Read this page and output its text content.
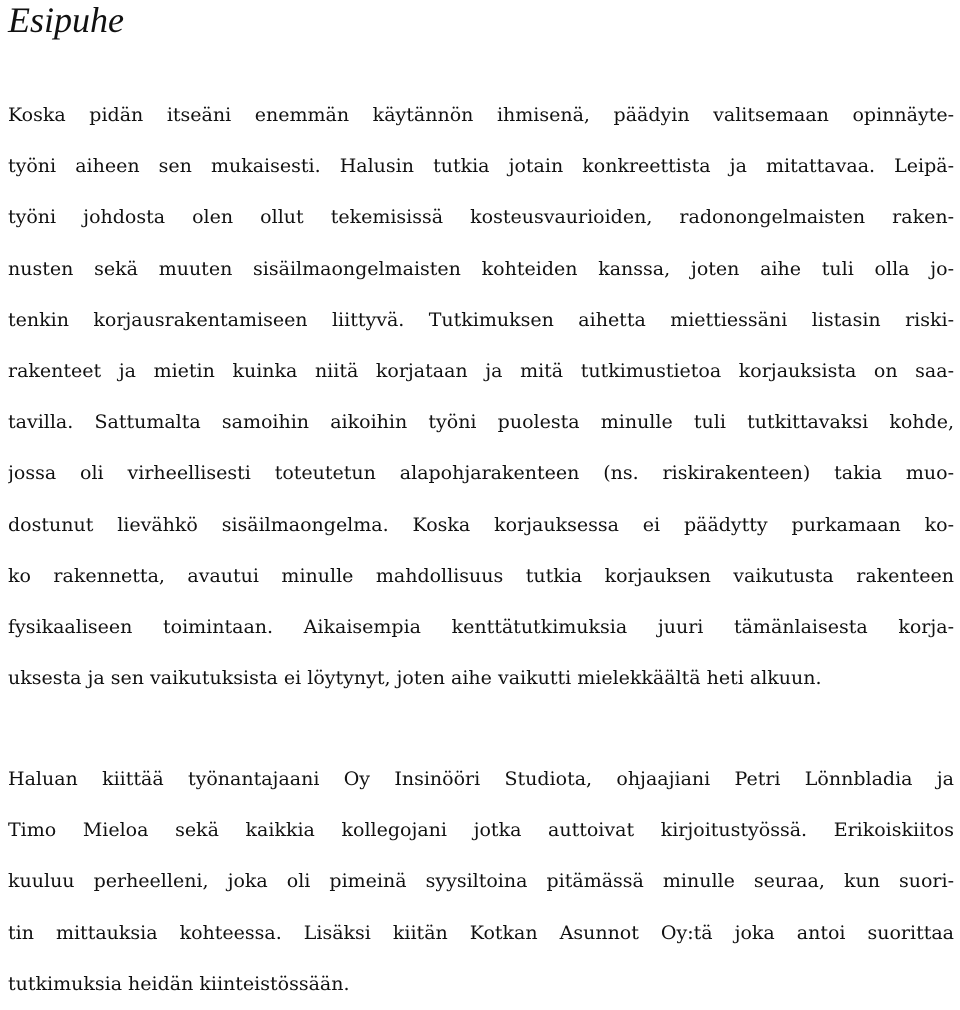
Esipuhe
Koska pidän itseäni enemmän käytännön ihmisenä, päädyin valitsemaan opinnäyte-
työni aiheen sen mukaisesti. Halusin tutkia jotain konkreettista ja mitattavaa. Leipä-
työni johdosta olen ollut tekemisissä kosteusvaurioiden, radonongelmaisten raken-
nusten sekä muuten sisäilmaongelmaisten kohteiden kanssa, joten aihe tuli olla jo-
tenkin korjausrakentamiseen liittyvä. Tutkimuksen aihetta miettiessäni listasin riski-
rakenteet ja mietin kuinka niitä korjataan ja mitä tutkimustietoa korjauksista on saa-
tavilla. Sattumalta samoihin aikoihin työni puolesta minulle tuli tutkittavaksi kohde,
jossa oli virheellisesti toteutetun alapohjarakenteen (ns. riskirakenteen) takia muo-
dostunut lievähkö sisäilmaongelma. Koska korjauksessa ei päädytty purkamaan ko-
ko rakennetta, avautui minulle mahdollisuus tutkia korjauksen vaikutusta rakenteen
fysikaaliseen toimintaan. Aikaisempia kenttätutkimuksia juuri tämänlaisesta korja-
uksesta ja sen vaikutuksista ei löytynyt, joten aihe vaikutti mielekkäältä heti alkuun.
Haluan kiittää työnantajaani Oy Insinööri Studiota, ohjaajiani Petri Lönnbladia ja
Timo Mieloa sekä kaikkia kollegojani jotka auttoivat kirjoitustyössä. Erikoiskiitos
kuuluu perheelleni, joka oli pimeinä syysiltoina pitämässä minulle seuraa, kun suori-
tin mittauksia kohteessa. Lisäksi kiitän Kotkan Asunnot Oy:tä joka antoi suorittaa
tutkimuksia heidän kiinteistössään.
